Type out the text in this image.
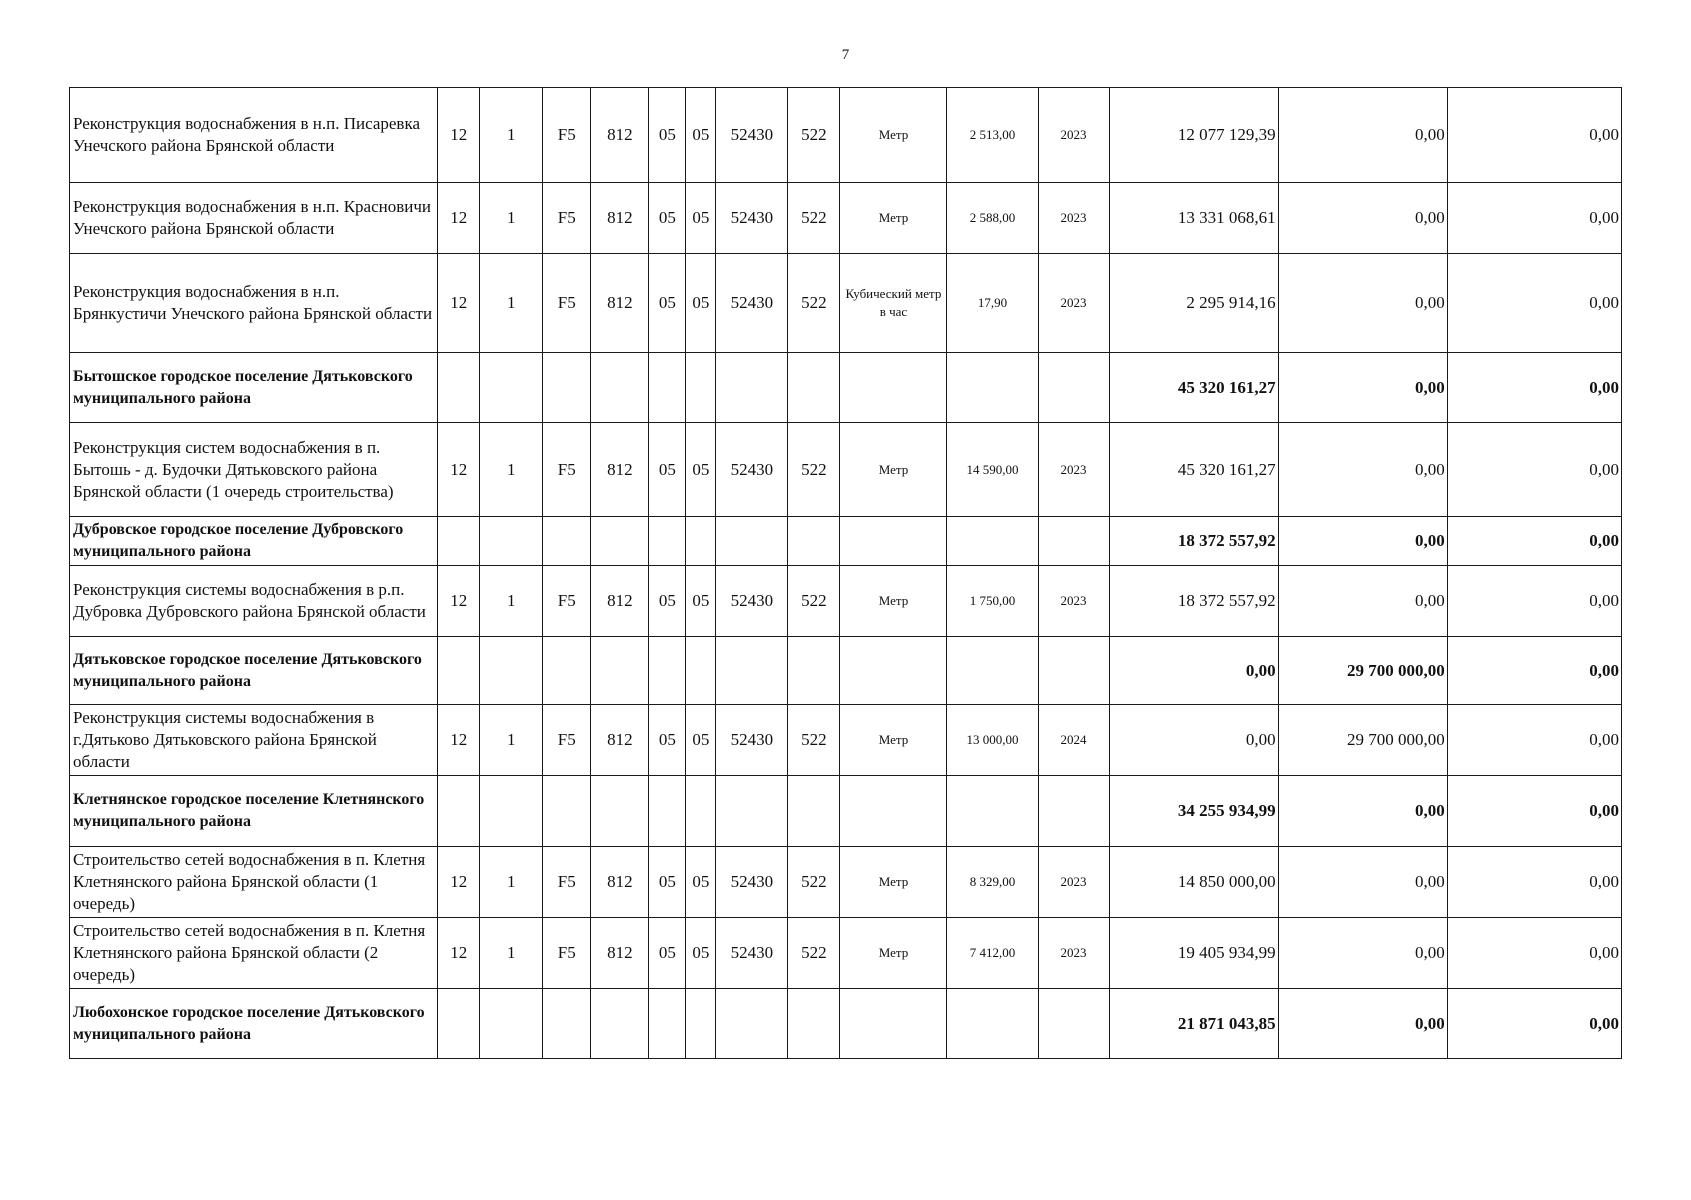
7
Реконструкция водоснабжения в н.п. Писаревка Унечского района Брянской области	12	1	F5	812	05	05	52430	522	Метр	2 513,00	2023	12 077 129,39	0,00	0,00
Реконструкция водоснабжения в н.п. Красновичи Унечского района Брянской области	12	1	F5	812	05	05	52430	522	Метр	2 588,00	2023	13 331 068,61	0,00	0,00
Реконструкция водоснабжения в н.п. Брянкустичи Унечского района Брянской области	12	1	F5	812	05	05	52430	522	Кубический метр в час	17,90	2023	2 295 914,16	0,00	0,00
Бытошское городское поселение Дятьковского муниципального района												45 320 161,27	0,00	0,00
Реконструкция систем водоснабжения в п. Бытошь - д. Будочки Дятьковского района Брянской области (1 очередь строительства)	12	1	F5	812	05	05	52430	522	Метр	14 590,00	2023	45 320 161,27	0,00	0,00
Дубровское городское поселение Дубровского муниципального района												18 372 557,92	0,00	0,00
Реконструкция системы водоснабжения в р.п. Дубровка Дубровского района Брянской области	12	1	F5	812	05	05	52430	522	Метр	1 750,00	2023	18 372 557,92	0,00	0,00
Дятьковское городское поселение Дятьковского муниципального района												0,00	29 700 000,00	0,00
Реконструкция системы водоснабжения в г.Дятьково Дятьковского района Брянской области	12	1	F5	812	05	05	52430	522	Метр	13 000,00	2024	0,00	29 700 000,00	0,00
Клетнянское городское поселение Клетнянского муниципального района												34 255 934,99	0,00	0,00
Строительство сетей водоснабжения в п. Клетня Клетнянского района Брянской области (1 очередь)	12	1	F5	812	05	05	52430	522	Метр	8 329,00	2023	14 850 000,00	0,00	0,00
Строительство сетей водоснабжения в п. Клетня Клетнянского района Брянской области (2 очередь)	12	1	F5	812	05	05	52430	522	Метр	7 412,00	2023	19 405 934,99	0,00	0,00
Любохонское городское поселение Дятьковского муниципального района												21 871 043,85	0,00	0,00
